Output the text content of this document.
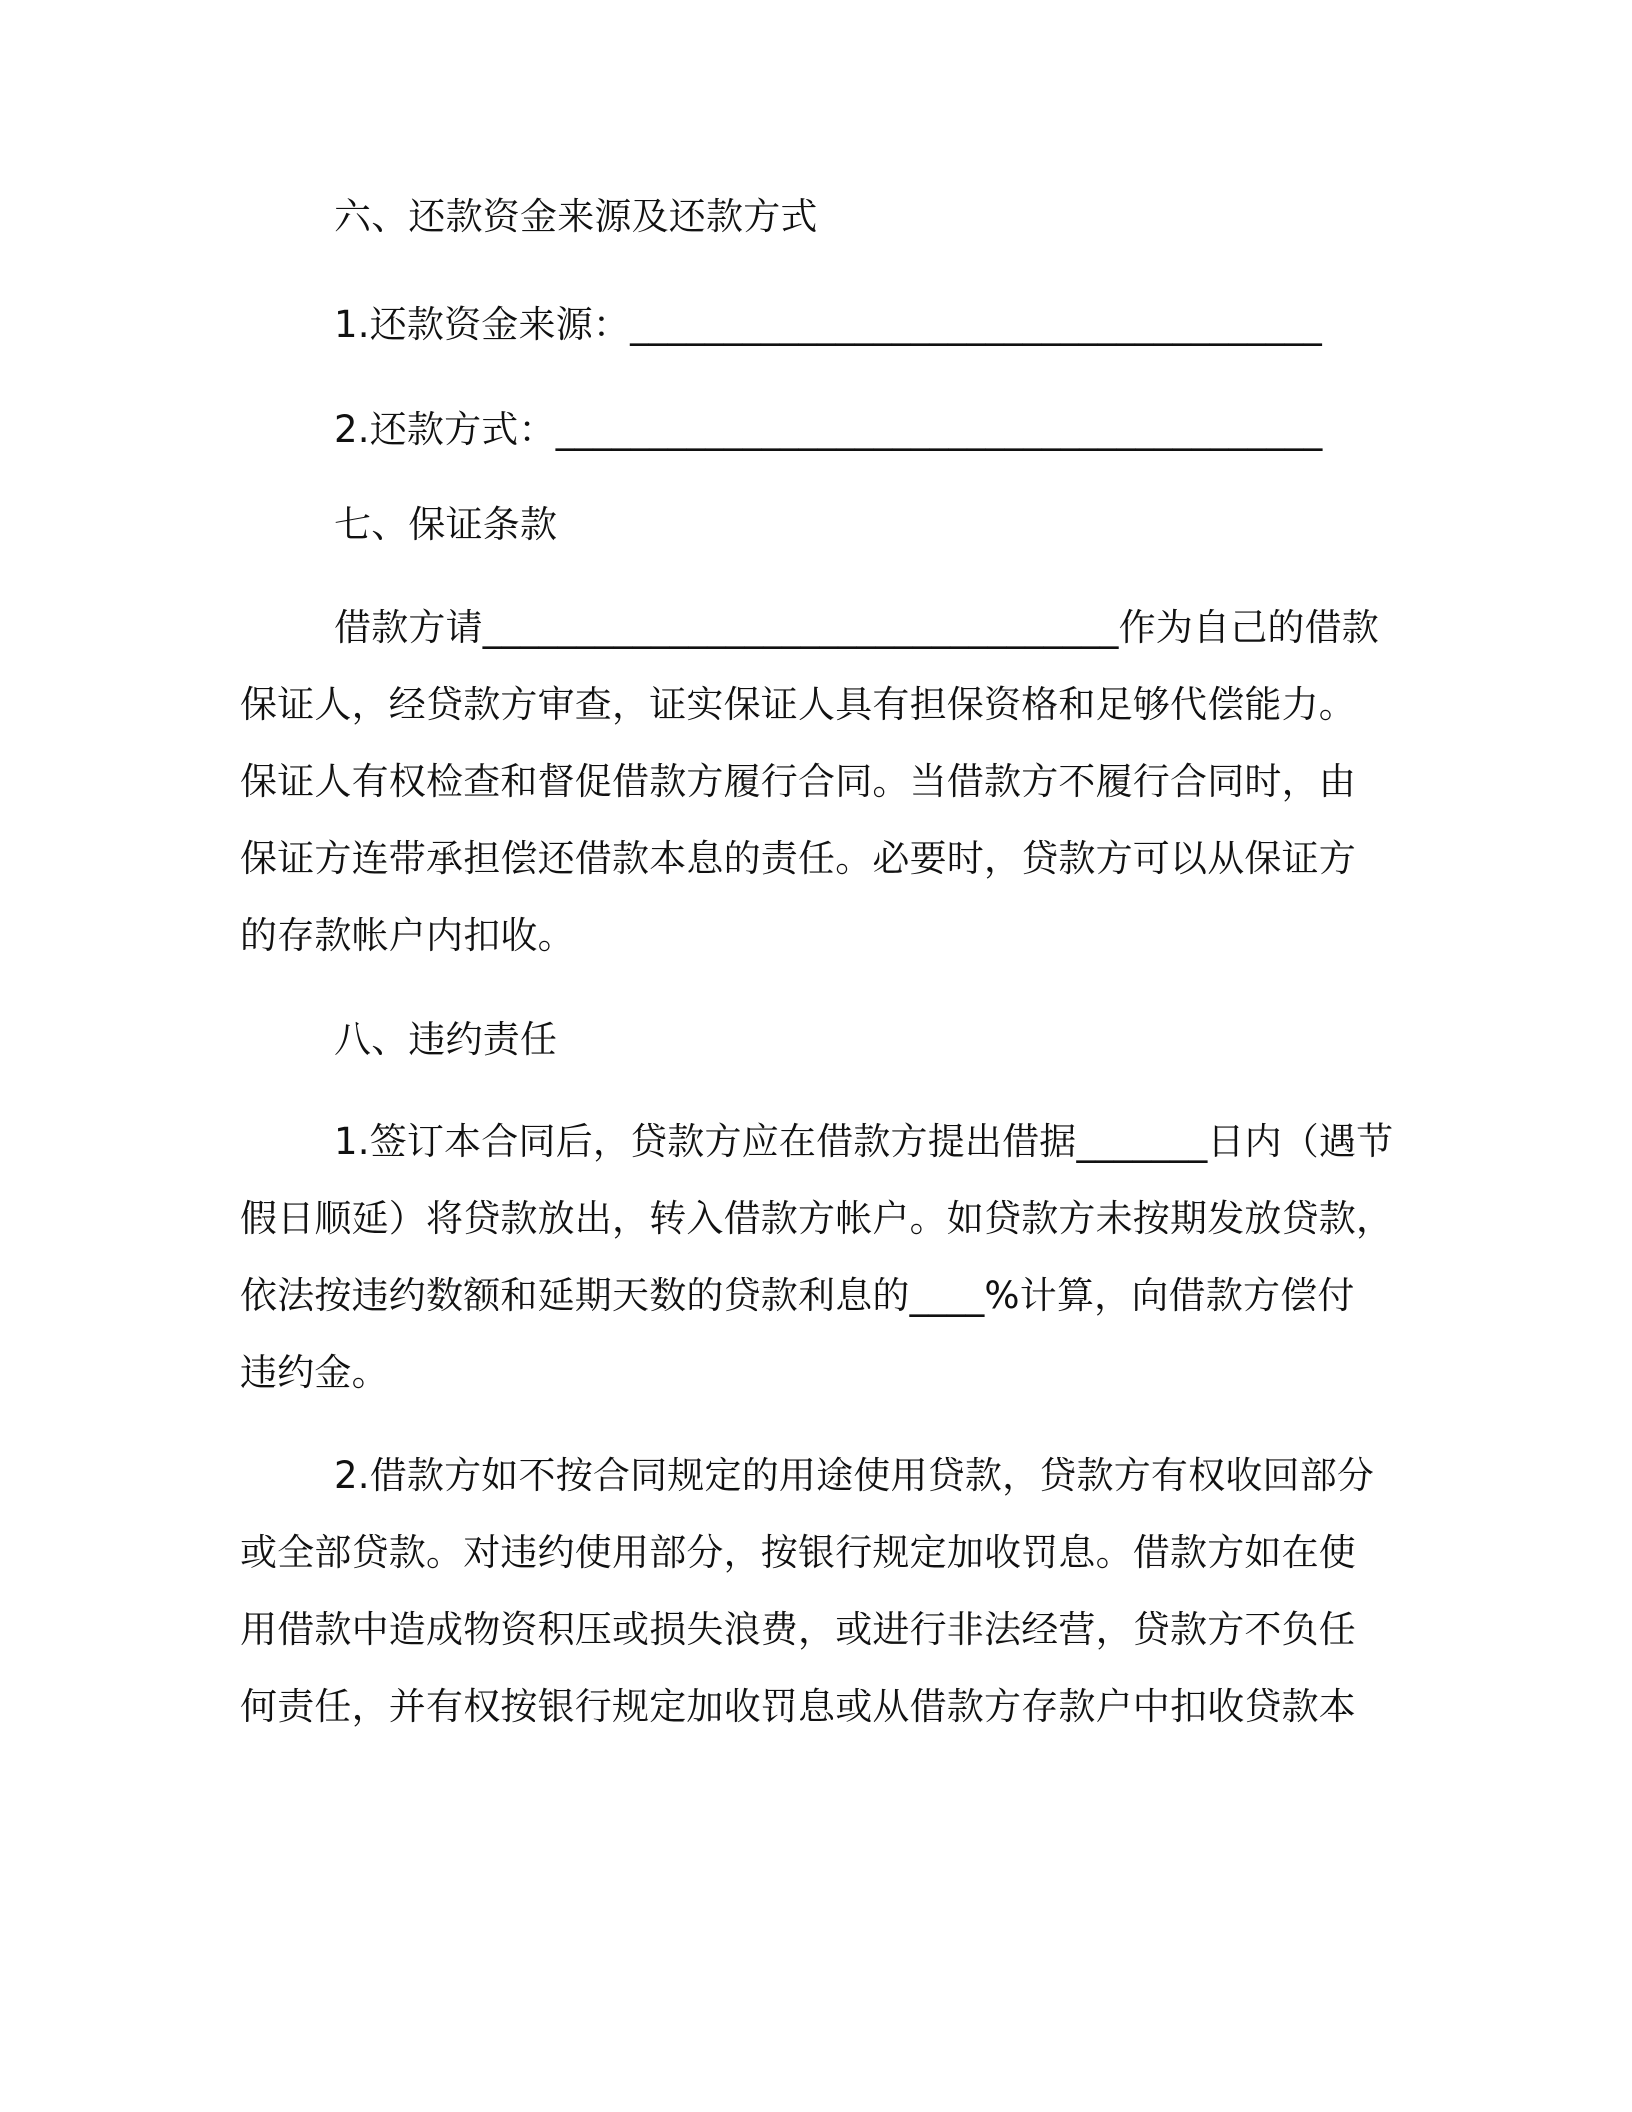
六、还款资金来源及还款方式
1.还款资金来源：_____________________________________
2.还款方式：_________________________________________
七、保证条款
借款方请__________________________________作为自己的借款
保证人，经贷款方审查，证实保证人具有担保资格和足够代偿能力。
保证人有权检查和督促借款方履行合同。当借款方不履行合同时，由
保证方连带承担偿还借款本息的责任。必要时，贷款方可以从保证方
的存款帐户内扣收。
八、违约责任
1.签订本合同后，贷款方应在借款方提出借据_______日内（遇节
假日顺延）将贷款放出，转入借款方帐户。如贷款方未按期发放贷款，
依法按违约数额和延期天数的贷款利息的____%计算，向借款方偿付
违约金。
2.借款方如不按合同规定的用途使用贷款，贷款方有权收回部分
或全部贷款。对违约使用部分，按银行规定加收罚息。借款方如在使
用借款中造成物资积压或损失浪费，或进行非法经营，贷款方不负任
何责任，并有权按银行规定加收罚息或从借款方存款户中扣收贷款本
